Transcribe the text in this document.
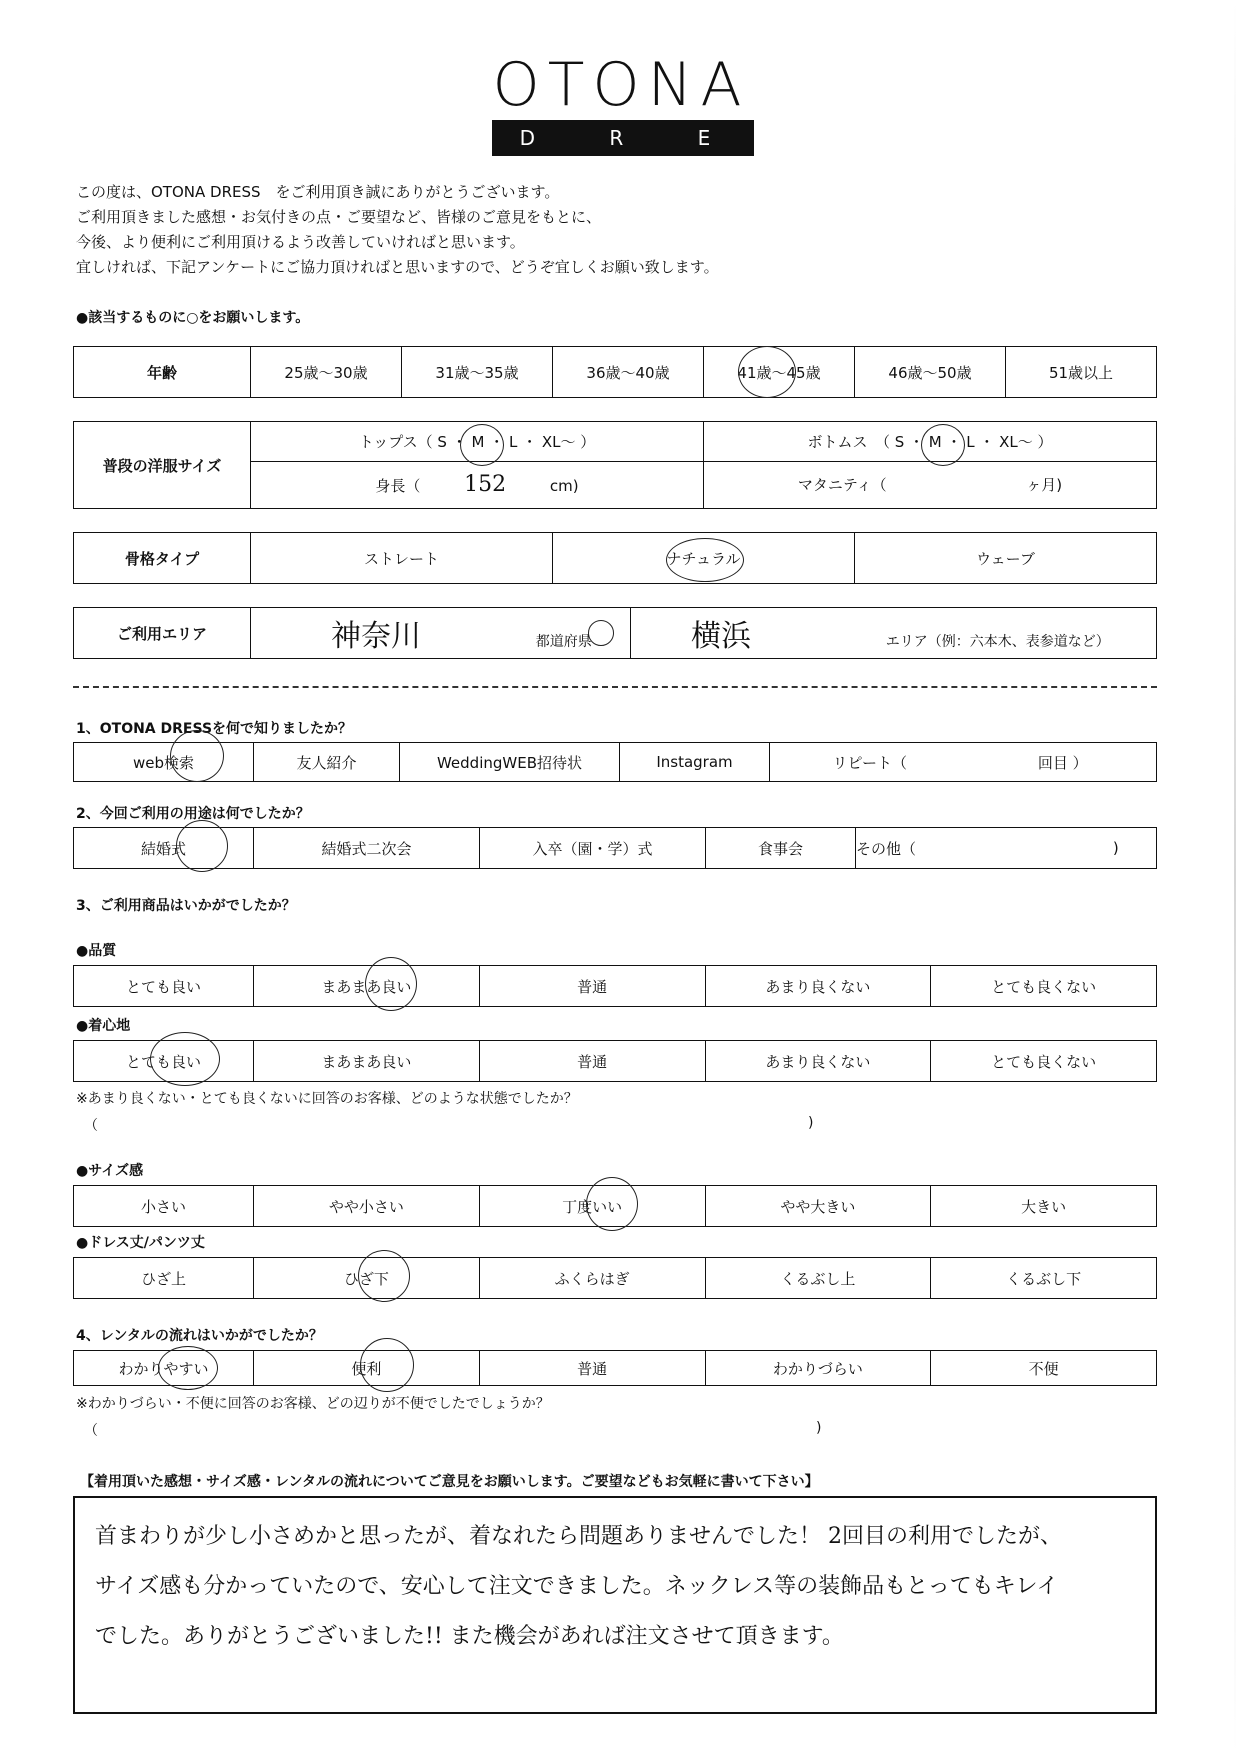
OTONA
D R E S S
この度は、OTONA DRESS　をご利用頂き誠にありがとうございます。
ご利用頂きました感想・お気付きの点・ご要望など、皆様のご意見をもとに、
今後、より便利にご利用頂けるよう改善していければと思います。
宜しければ、下記アンケートにご協力頂ければと思いますので、どうぞ宜しくお願い致します。
●該当するものに○をお願いします。
年齢	25歳～30歳	31歳～35歳	36歳～40歳	41歳～45歳	46歳～50歳	51歳以上
普段の洋服サイズ	トップス（ S ・ M ・ L ・ XL～ ）	ボトムス　（ S ・ M ・ L ・ XL～ ）
	身長（ 152 cm)	マタニティ（ ヶ月)
骨格タイプ	ストレート	ナチュラル	ウェーブ
ご利用エリア	神奈川	都道府県	横浜	エリア（例：六本木、表参道など）
1、OTONA DRESSを何で知りましたか？
web検索	友人紹介	WeddingWEB招待状	Instagram	リピート（	回目 ）
2、今回ご利用の用途は何でしたか？
結婚式	結婚式二次会	入卒（園・学）式	食事会	その他（	)
3、ご利用商品はいかがでしたか？
●品質
とても良い	まあまあ良い	普通	あまり良くない	とても良くない
●着心地
とても良い	まあまあ良い	普通	あまり良くない	とても良くない
※あまり良くない・とても良くないに回答のお客様、どのような状態でしたか？
（	)
●サイズ感
小さい	やや小さい	丁度いい	やや大きい	大きい
●ドレス丈/パンツ丈
ひざ上	ひざ下	ふくらはぎ	くるぶし上	くるぶし下
4、レンタルの流れはいかがでしたか？
わかりやすい	便利	普通	わかりづらい	不便
※わかりづらい・不便に回答のお客様、どの辺りが不便でしたでしょうか？
（	)
【着用頂いた感想・サイズ感・レンタルの流れについてご意見をお願いします。ご要望などもお気軽に書いて下さい】
首まわりが少し小さめかと思ったが、着なれたら問題ありませんでした！ 2回目の利用でしたが、
サイズ感も分かっていたので、安心して注文できました。ネックレス等の装飾品もとってもキレイ
でした。ありがとうございました!! また機会があれば注文させて頂きます。
